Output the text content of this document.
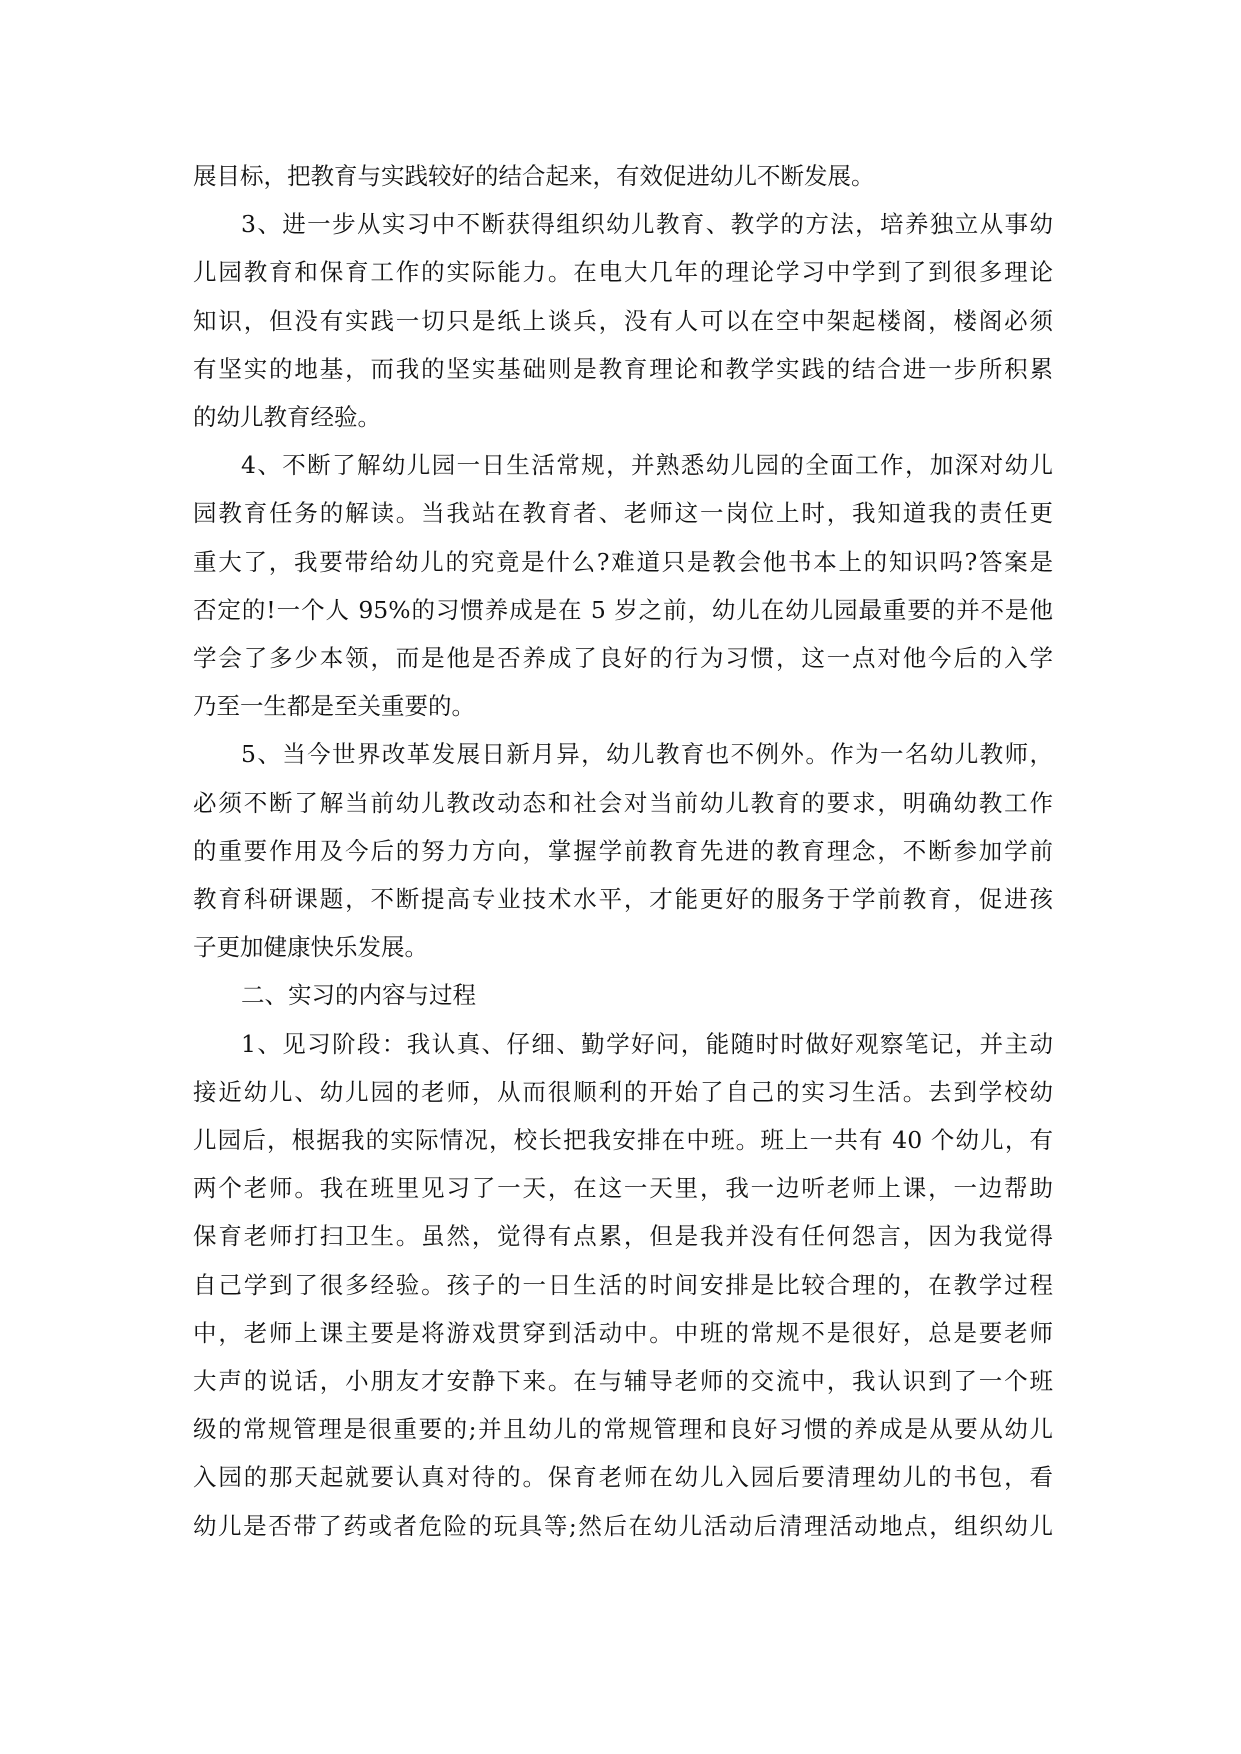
展目标，把教育与实践较好的结合起来，有效促进幼儿不断发展。
3、进一步从实习中不断获得组织幼儿教育、教学的方法，培养独立从事幼
儿园教育和保育工作的实际能力。在电大几年的理论学习中学到了到很多理论
知识，但没有实践一切只是纸上谈兵，没有人可以在空中架起楼阁，楼阁必须
有坚实的地基，而我的坚实基础则是教育理论和教学实践的结合进一步所积累
的幼儿教育经验。
4、不断了解幼儿园一日生活常规，并熟悉幼儿园的全面工作，加深对幼儿
园教育任务的解读。当我站在教育者、老师这一岗位上时，我知道我的责任更
重大了，我要带给幼儿的究竟是什么?难道只是教会他书本上的知识吗?答案是
否定的!一个人 95%的习惯养成是在 5 岁之前，幼儿在幼儿园最重要的并不是他
学会了多少本领，而是他是否养成了良好的行为习惯，这一点对他今后的入学
乃至一生都是至关重要的。
5、当今世界改革发展日新月异，幼儿教育也不例外。作为一名幼儿教师，
必须不断了解当前幼儿教改动态和社会对当前幼儿教育的要求，明确幼教工作
的重要作用及今后的努力方向，掌握学前教育先进的教育理念，不断参加学前
教育科研课题，不断提高专业技术水平，才能更好的服务于学前教育，促进孩
子更加健康快乐发展。
二、实习的内容与过程
1、见习阶段：我认真、仔细、勤学好问，能随时时做好观察笔记，并主动
接近幼儿、幼儿园的老师，从而很顺利的开始了自己的实习生活。去到学校幼
儿园后，根据我的实际情况，校长把我安排在中班。班上一共有 40 个幼儿，有
两个老师。我在班里见习了一天，在这一天里，我一边听老师上课，一边帮助
保育老师打扫卫生。虽然，觉得有点累，但是我并没有任何怨言，因为我觉得
自己学到了很多经验。孩子的一日生活的时间安排是比较合理的，在教学过程
中，老师上课主要是将游戏贯穿到活动中。中班的常规不是很好，总是要老师
大声的说话，小朋友才安静下来。在与辅导老师的交流中，我认识到了一个班
级的常规管理是很重要的;并且幼儿的常规管理和良好习惯的养成是从要从幼儿
入园的那天起就要认真对待的。保育老师在幼儿入园后要清理幼儿的书包，看
幼儿是否带了药或者危险的玩具等;然后在幼儿活动后清理活动地点，组织幼儿
